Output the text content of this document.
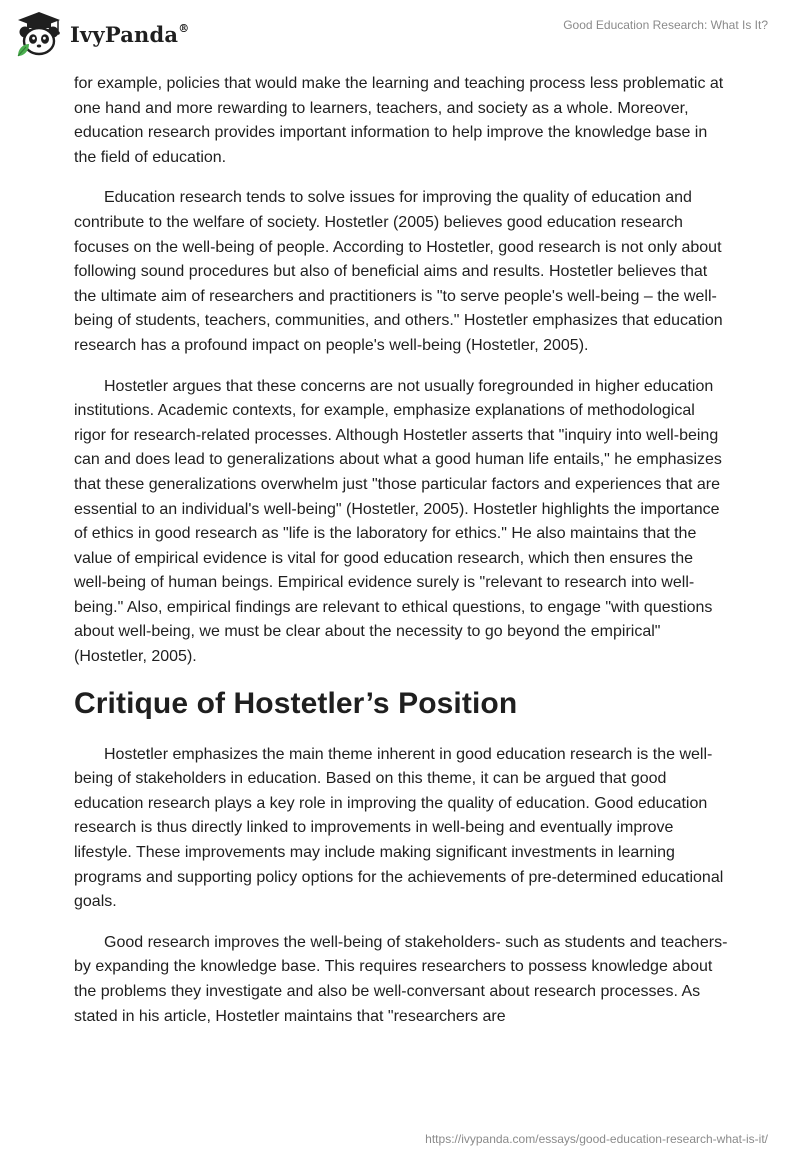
IvyPanda®	Good Education Research: What Is It?

for example, policies that would make the learning and teaching process less problematic at one hand and more rewarding to learners, teachers, and society as a whole. Moreover, education research provides important information to help improve the knowledge base in the field of education.

Education research tends to solve issues for improving the quality of education and contribute to the welfare of society. Hostetler (2005) believes good education research focuses on the well-being of people. According to Hostetler, good research is not only about following sound procedures but also of beneficial aims and results. Hostetler believes that the ultimate aim of researchers and practitioners is "to serve people's well-being – the well-being of students, teachers, communities, and others." Hostetler emphasizes that education research has a profound impact on people's well-being (Hostetler, 2005).

Hostetler argues that these concerns are not usually foregrounded in higher education institutions. Academic contexts, for example, emphasize explanations of methodological rigor for research-related processes. Although Hostetler asserts that "inquiry into well-being can and does lead to generalizations about what a good human life entails," he emphasizes that these generalizations overwhelm just "those particular factors and experiences that are essential to an individual's well-being" (Hostetler, 2005). Hostetler highlights the importance of ethics in good research as "life is the laboratory for ethics." He also maintains that the value of empirical evidence is vital for good education research, which then ensures the well-being of human beings. Empirical evidence surely is "relevant to research into well-being." Also, empirical findings are relevant to ethical questions, to engage "with questions about well-being, we must be clear about the necessity to go beyond the empirical" (Hostetler, 2005).

Critique of Hostetler’s Position

Hostetler emphasizes the main theme inherent in good education research is the well-being of stakeholders in education. Based on this theme, it can be argued that good education research plays a key role in improving the quality of education. Good education research is thus directly linked to improvements in well-being and eventually improve lifestyle. These improvements may include making significant investments in learning programs and supporting policy options for the achievements of pre-determined educational goals.

Good research improves the well-being of stakeholders- such as students and teachers- by expanding the knowledge base. This requires researchers to possess knowledge about the problems they investigate and also be well-conversant about research processes. As stated in his article, Hostetler maintains that "researchers are

https://ivypanda.com/essays/good-education-research-what-is-it/
